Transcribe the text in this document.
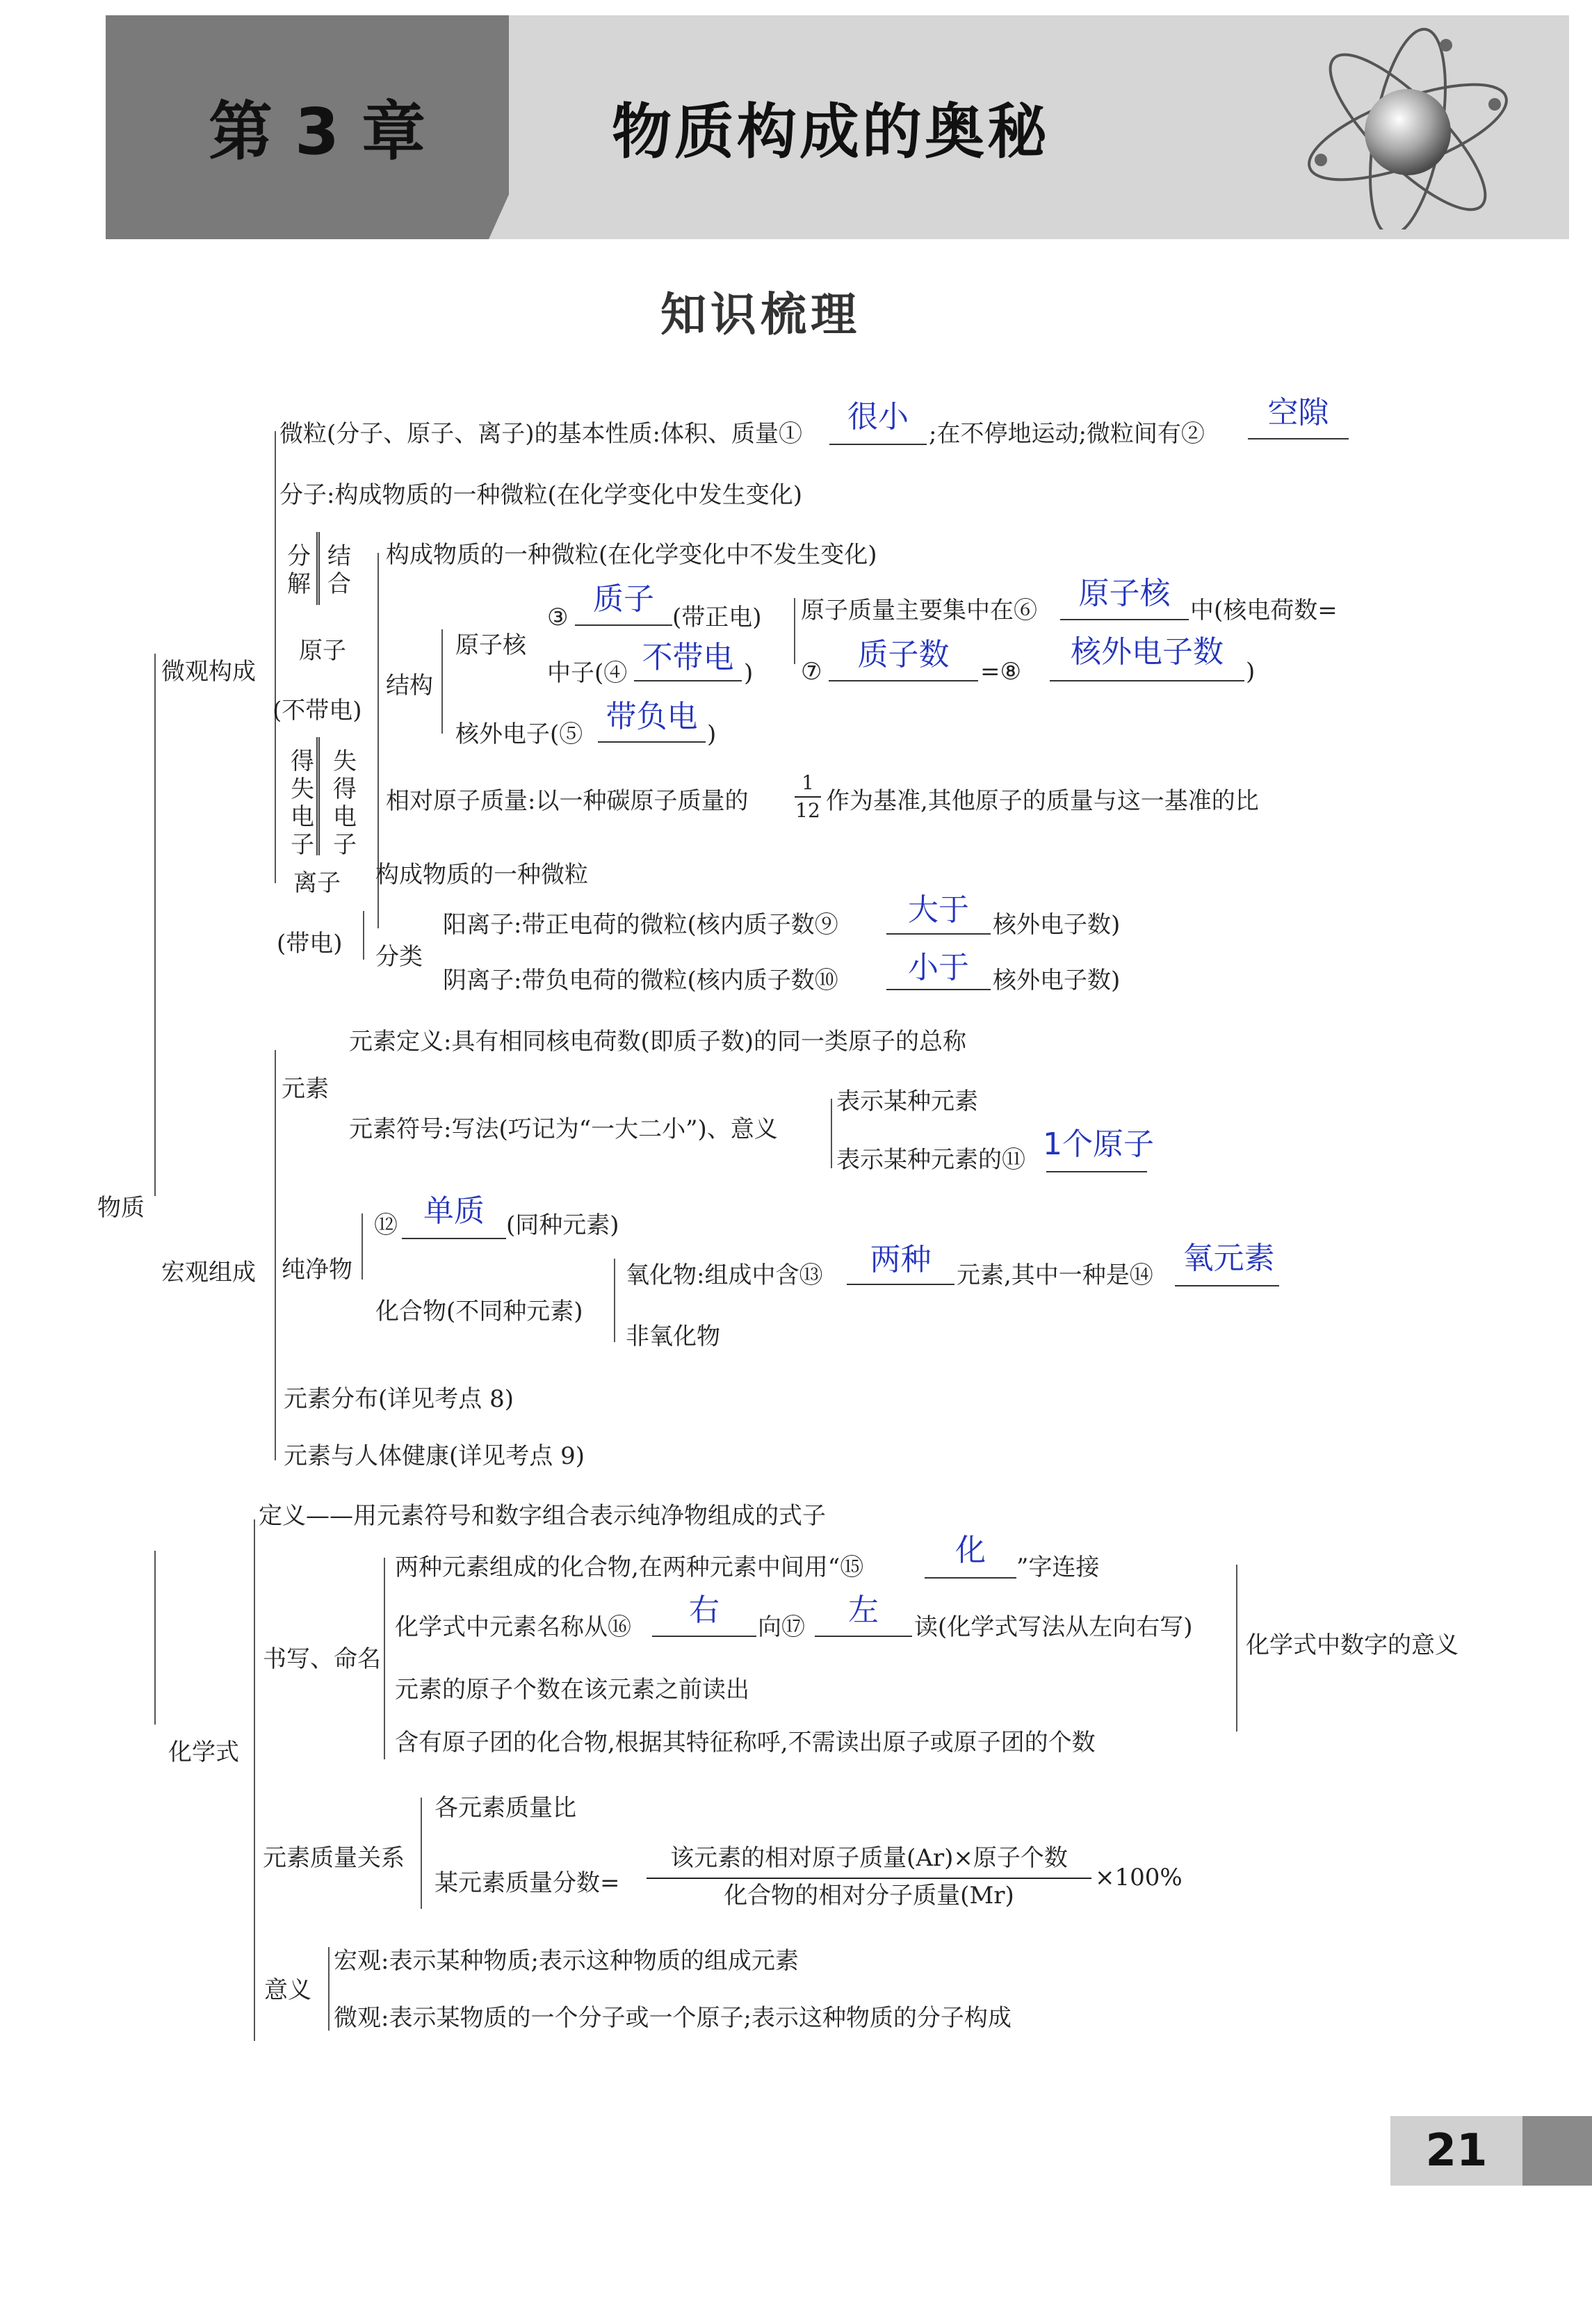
第 3 章	物质构成的奥秘
知识梳理
物质
微观构成
微粒(分子、原子、离子)的基本性质:体积、质量①	很小 ;在不停地运动;微粒间有②
空隙
分子:构成物质的一种微粒(在化学变化中发生变化)
分解
结合
原子
(不带电)
构成物质的一种微粒(在化学变化中不发生变化)
结构
原子核
③
质子
(带正电)
中子(④ 不带电 )
核外电子(⑤ 带负电 )
原子质量主要集中在⑥	原子核 中(核电荷数=
⑦	质子数	=⑧
核外电子数
)
相对原子质量:以一种碳原子质量的
1
12 作为基准,其他原子的质量与这一基准的比
得失电子
失得电子
离子
(带电)
构成物质的一种微粒
分类
阳离子:带正电荷的微粒(核内质子数⑨	大于	核外电子数)
阴离子:带负电荷的微粒(核内质子数⑩	小于	核外电子数)
宏观组成
元素
元素定义:具有相同核电荷数(即质子数)的同一类原子的总称
元素符号:写法(巧记为“一大二小”)、意义
表示某种元素
表示某种元素的⑪ 1个原子
纯净物
⑫ 单质 (同种元素)
化合物(不同种元素)
氧化物:组成中含⑬	两种	元素,其中一种是⑭ 氧元素
非氧化物
元素分布(详见考点 8)
元素与人体健康(详见考点 9)
化学式
定义——用元素符号和数字组合表示纯净物组成的式子
书写、命名
两种元素组成的化合物,在两种元素中间用“⑮	化	”字连接
化学式中元素名称从⑯	右	向⑰	左	读(化学式写法从左向右写)
元素的原子个数在该元素之前读出
含有原子团的化合物,根据其特征称呼,不需读出原子或原子团的个数
化学式中数字的意义
元素质量关系
各元素质量比
某元素质量分数=
该元素的相对原子质量(Ar)×原子个数
化合物的相对分子质量(Mr)
×100%
意义
宏观:表示某种物质;表示这种物质的组成元素
微观:表示某物质的一个分子或一个原子;表示这种物质的分子构成
21
